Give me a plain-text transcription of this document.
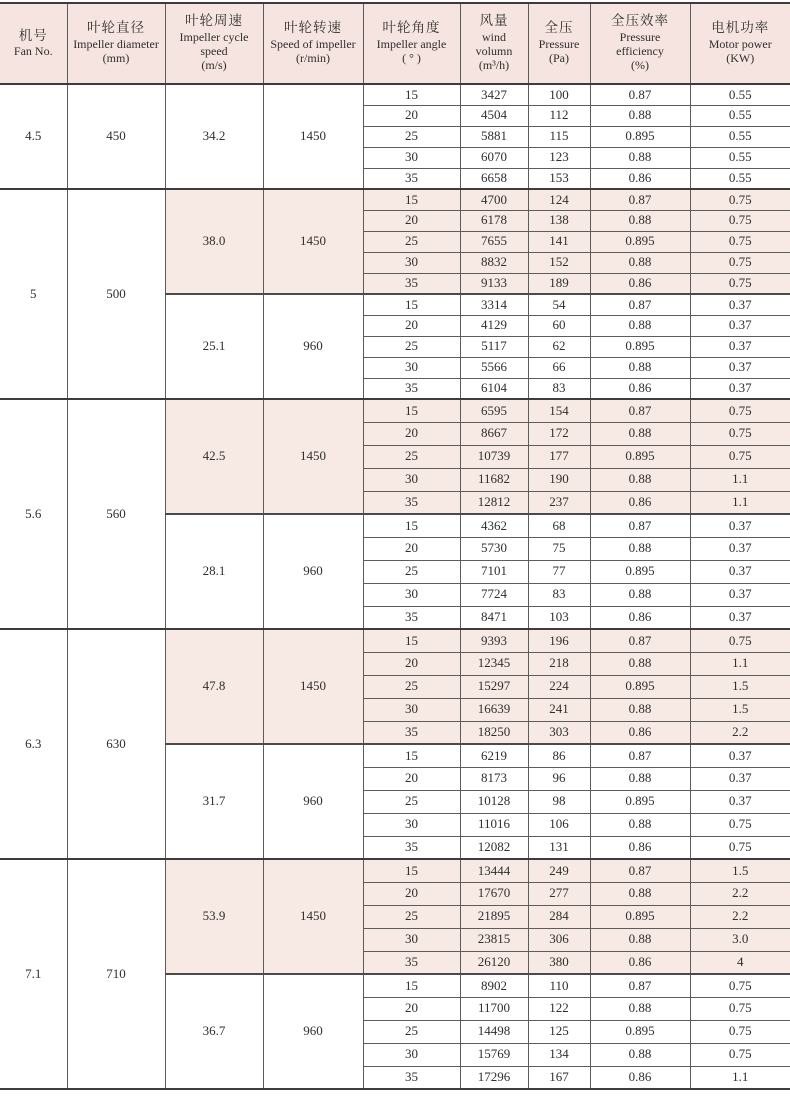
机号
Fan No.

叶轮直径
Impeller diameter
(mm)

叶轮周速
Impeller cycle speed
(m/s)

叶轮转速
Speed of impeller
(r/min)

叶轮角度
Impeller angle
( ° )

风量
wind volumn
(m³/h)

全压
Pressure
(Pa)

全压效率
Pressure efficiency
(%)

电机功率
Motor power
(KW)

4.5	450	34.2	1450	15	3427	100	0.87	0.55
				20	4504	112	0.88	0.55
				25	5881	115	0.895	0.55
				30	6070	123	0.88	0.55
				35	6658	153	0.86	0.55
5	500	38.0	1450	15	4700	124	0.87	0.75
				20	6178	138	0.88	0.75
				25	7655	141	0.895	0.75
				30	8832	152	0.88	0.75
				35	9133	189	0.86	0.75
		25.1	960	15	3314	54	0.87	0.37
				20	4129	60	0.88	0.37
				25	5117	62	0.895	0.37
				30	5566	66	0.88	0.37
				35	6104	83	0.86	0.37
5.6	560	42.5	1450	15	6595	154	0.87	0.75
				20	8667	172	0.88	0.75
				25	10739	177	0.895	0.75
				30	11682	190	0.88	1.1
				35	12812	237	0.86	1.1
		28.1	960	15	4362	68	0.87	0.37
				20	5730	75	0.88	0.37
				25	7101	77	0.895	0.37
				30	7724	83	0.88	0.37
				35	8471	103	0.86	0.37
6.3	630	47.8	1450	15	9393	196	0.87	0.75
				20	12345	218	0.88	1.1
				25	15297	224	0.895	1.5
				30	16639	241	0.88	1.5
				35	18250	303	0.86	2.2
		31.7	960	15	6219	86	0.87	0.37
				20	8173	96	0.88	0.37
				25	10128	98	0.895	0.37
				30	11016	106	0.88	0.75
				35	12082	131	0.86	0.75
7.1	710	53.9	1450	15	13444	249	0.87	1.5
				20	17670	277	0.88	2.2
				25	21895	284	0.895	2.2
				30	23815	306	0.88	3.0
				35	26120	380	0.86	4
		36.7	960	15	8902	110	0.87	0.75
				20	11700	122	0.88	0.75
				25	14498	125	0.895	0.75
				30	15769	134	0.88	0.75
				35	17296	167	0.86	1.1
